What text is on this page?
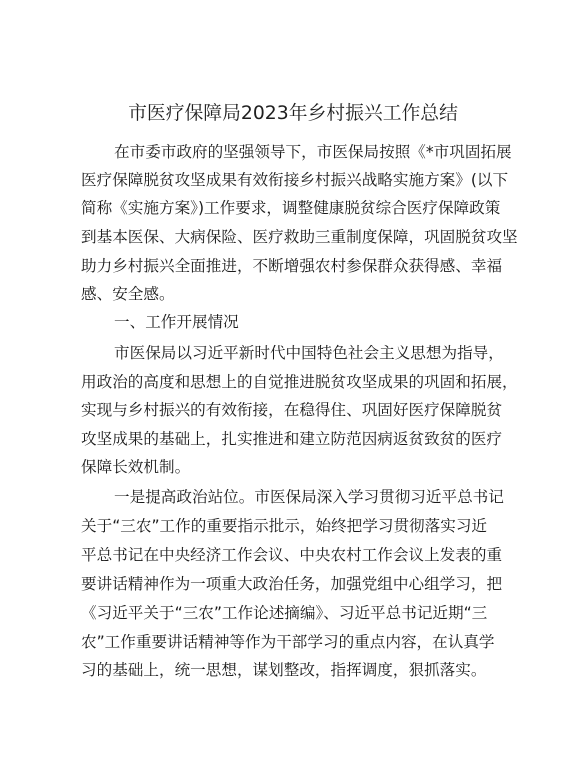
市医疗保障局2023年乡村振兴工作总结
在市委市政府的坚强领导下，市医保局按照《*市巩固拓展
医疗保障脱贫攻坚成果有效衔接乡村振兴战略实施方案》(以下
简称《实施方案》)工作要求，调整健康脱贫综合医疗保障政策
到基本医保、大病保险、医疗救助三重制度保障，巩固脱贫攻坚
助力乡村振兴全面推进，不断增强农村参保群众获得感、幸福
感、安全感。
一、工作开展情况
市医保局以习近平新时代中国特色社会主义思想为指导，
用政治的高度和思想上的自觉推进脱贫攻坚成果的巩固和拓展，
实现与乡村振兴的有效衔接，在稳得住、巩固好医疗保障脱贫
攻坚成果的基础上，扎实推进和建立防范因病返贫致贫的医疗
保障长效机制。
一是提高政治站位。市医保局深入学习贯彻习近平总书记
关于“三农”工作的重要指示批示，始终把学习贯彻落实习近
平总书记在中央经济工作会议、中央农村工作会议上发表的重
要讲话精神作为一项重大政治任务，加强党组中心组学习，把
《习近平关于“三农”工作论述摘编》、习近平总书记近期“三
农”工作重要讲话精神等作为干部学习的重点内容，在认真学
习的基础上，统一思想，谋划整改，指挥调度，狠抓落实。
